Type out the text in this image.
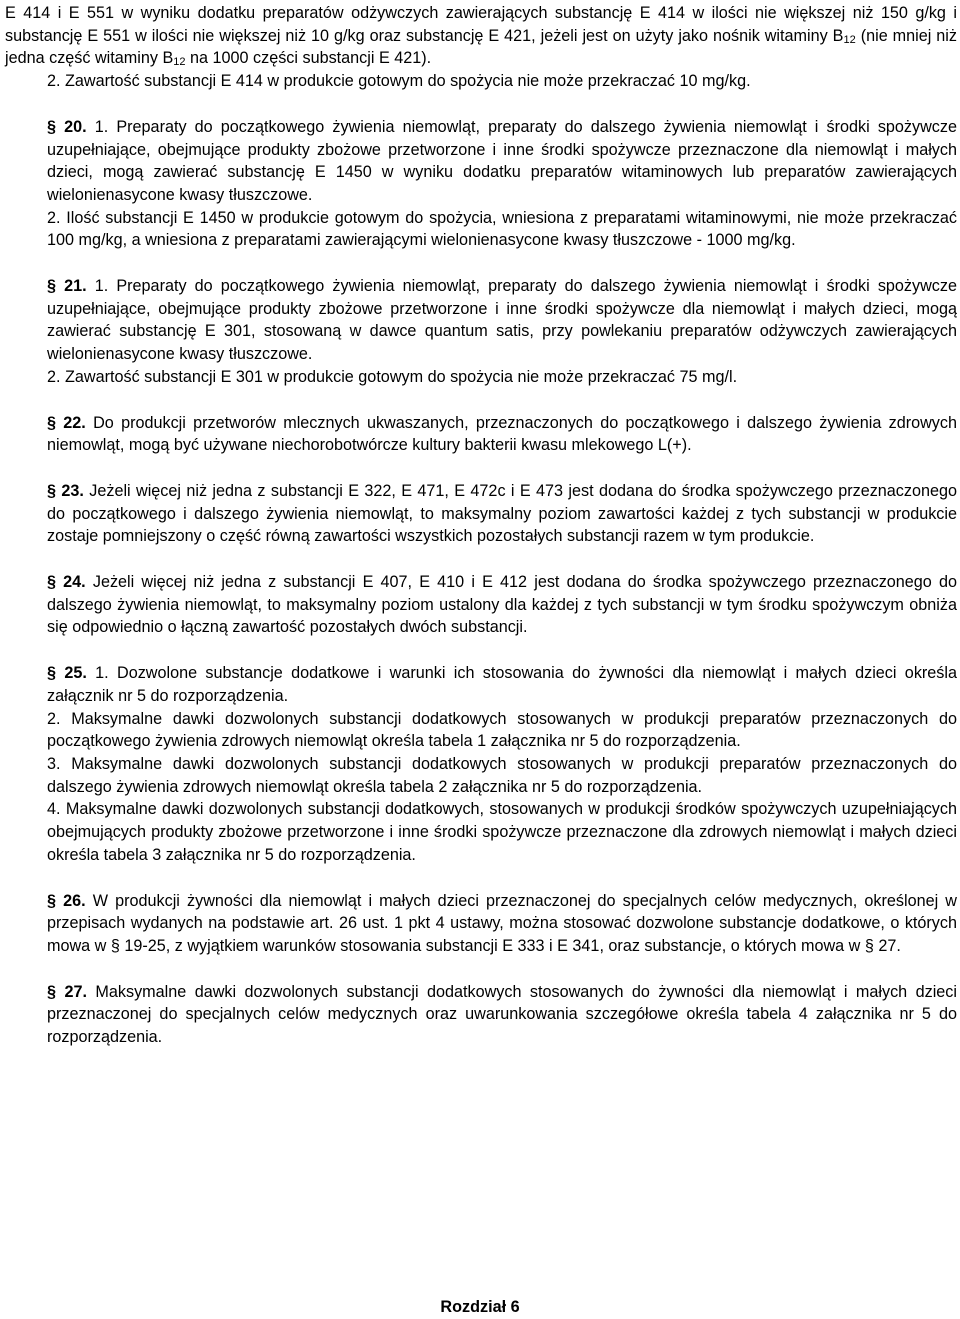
E 414 i E 551 w wyniku dodatku preparatów odżywczych zawierających substancję E 414 w ilości nie większej niż 150 g/kg i substancję E 551 w ilości nie większej niż 10 g/kg oraz substancję E 421, jeżeli jest on użyty jako nośnik witaminy $B_{12}$ (nie mniej niż jedna część witaminy $B_{12}$ na 1000 części substancji E 421).

2. Zawartość substancji E 414 w produkcie gotowym do spożycia nie może przekraczać 10 mg/kg.

§ 20. 1. Preparaty do początkowego żywienia niemowląt, preparaty do dalszego żywienia niemowląt i środki spożywcze uzupełniające, obejmujące produkty zbożowe przetworzone i inne środki spożywcze przeznaczone dla niemowląt i małych dzieci, mogą zawierać substancję E 1450 w wyniku dodatku preparatów witaminowych lub preparatów zawierających wielonienasycone kwasy tłuszczowe.

2. Ilość substancji E 1450 w produkcie gotowym do spożycia, wniesiona z preparatami witaminowymi, nie może przekraczać 100 mg/kg, a wniesiona z preparatami zawierającymi wielonienasycone kwasy tłuszczowe - 1000 mg/kg.

§ 21. 1. Preparaty do początkowego żywienia niemowląt, preparaty do dalszego żywienia niemowląt i środki spożywcze uzupełniające, obejmujące produkty zbożowe przetworzone i inne środki spożywcze dla niemowląt i małych dzieci, mogą zawierać substancję E 301, stosowaną w dawce quantum satis, przy powlekaniu preparatów odżywczych zawierających wielonienasycone kwasy tłuszczowe.

2. Zawartość substancji E 301 w produkcie gotowym do spożycia nie może przekraczać 75 mg/l.

§ 22. Do produkcji przetworów mlecznych ukwaszanych, przeznaczonych do początkowego i dalszego żywienia zdrowych niemowląt, mogą być używane niechorobotwórcze kultury bakterii kwasu mlekowego L(+).

§ 23. Jeżeli więcej niż jedna z substancji E 322, E 471, E 472c i E 473 jest dodana do środka spożywczego przeznaczonego do początkowego i dalszego żywienia niemowląt, to maksymalny poziom zawartości każdej z tych substancji w produkcie zostaje pomniejszony o część równą zawartości wszystkich pozostałych substancji razem w tym produkcie.

§ 24. Jeżeli więcej niż jedna z substancji E 407, E 410 i E 412 jest dodana do środka spożywczego przeznaczonego do dalszego żywienia niemowląt, to maksymalny poziom ustalony dla każdej z tych substancji w tym środku spożywczym obniża się odpowiednio o łączną zawartość pozostałych dwóch substancji.

§ 25. 1. Dozwolone substancje dodatkowe i warunki ich stosowania do żywności dla niemowląt i małych dzieci określa załącznik nr 5 do rozporządzenia.

2. Maksymalne dawki dozwolonych substancji dodatkowych stosowanych w produkcji preparatów przeznaczonych do początkowego żywienia zdrowych niemowląt określa tabela 1 załącznika nr 5 do rozporządzenia.

3. Maksymalne dawki dozwolonych substancji dodatkowych stosowanych w produkcji preparatów przeznaczonych do dalszego żywienia zdrowych niemowląt określa tabela 2 załącznika nr 5 do rozporządzenia.

4. Maksymalne dawki dozwolonych substancji dodatkowych, stosowanych w produkcji środków spożywczych uzupełniających obejmujących produkty zbożowe przetworzone i inne środki spożywcze przeznaczone dla zdrowych niemowląt i małych dzieci określa tabela 3 załącznika nr 5 do rozporządzenia.

§ 26. W produkcji żywności dla niemowląt i małych dzieci przeznaczonej do specjalnych celów medycznych, określonej w przepisach wydanych na podstawie art. 26 ust. 1 pkt 4 ustawy, można stosować dozwolone substancje dodatkowe, o których mowa w § 19-25, z wyjątkiem warunków stosowania substancji E 333 i E 341, oraz substancje, o których mowa w § 27.

§ 27. Maksymalne dawki dozwolonych substancji dodatkowych stosowanych do żywności dla niemowląt i małych dzieci przeznaczonej do specjalnych celów medycznych oraz uwarunkowania szczegółowe określa tabela 4 załącznika nr 5 do rozporządzenia.

Rozdział 6
